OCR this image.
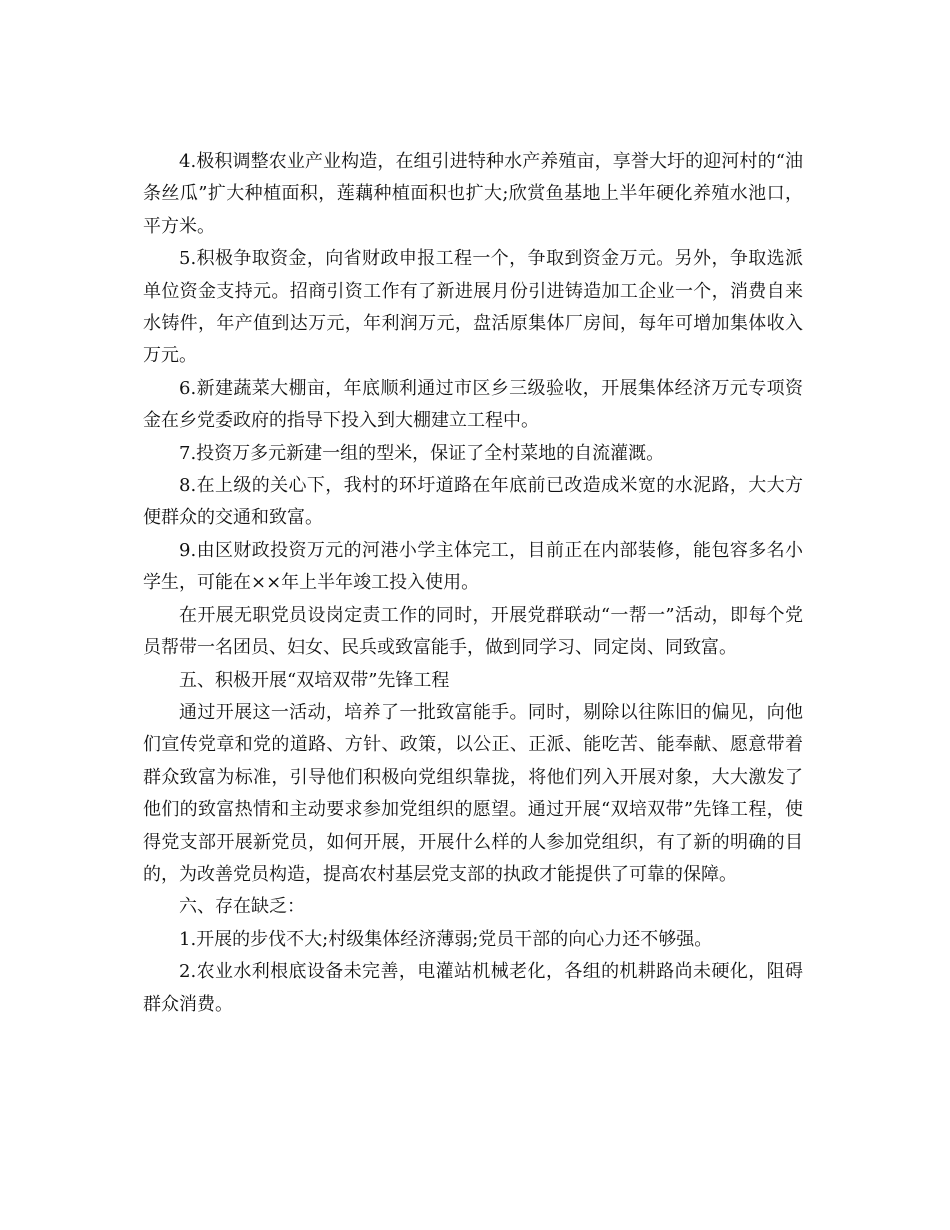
4.极积调整农业产业构造，在组引进特种水产养殖亩，享誉大圩的迎河村的“油条丝瓜”扩大种植面积，莲藕种植面积也扩大;欣赏鱼基地上半年硬化养殖水池口，平方米。

5.积极争取资金，向省财政申报工程一个，争取到资金万元。另外，争取选派单位资金支持元。招商引资工作有了新进展月份引进铸造加工企业一个，消费自来水铸件，年产值到达万元，年利润万元，盘活原集体厂房间，每年可增加集体收入万元。

6.新建蔬菜大棚亩，年底顺利通过市区乡三级验收，开展集体经济万元专项资金在乡党委政府的指导下投入到大棚建立工程中。

7.投资万多元新建一组的型米，保证了全村菜地的自流灌溉。

8.在上级的关心下，我村的环圩道路在年底前已改造成米宽的水泥路，大大方便群众的交通和致富。

9.由区财政投资万元的河港小学主体完工，目前正在内部装修，能包容多名小学生，可能在××年上半年竣工投入使用。

在开展无职党员设岗定责工作的同时，开展党群联动“一帮一”活动，即每个党员帮带一名团员、妇女、民兵或致富能手，做到同学习、同定岗、同致富。

五、积极开展“双培双带”先锋工程

通过开展这一活动，培养了一批致富能手。同时，剔除以往陈旧的偏见，向他们宣传党章和党的道路、方针、政策，以公正、正派、能吃苦、能奉献、愿意带着群众致富为标准，引导他们积极向党组织靠拢，将他们列入开展对象，大大激发了他们的致富热情和主动要求参加党组织的愿望。通过开展“双培双带”先锋工程，使得党支部开展新党员，如何开展，开展什么样的人参加党组织，有了新的明确的目的，为改善党员构造，提高农村基层党支部的执政才能提供了可靠的保障。

六、存在缺乏：

1.开展的步伐不大;村级集体经济薄弱;党员干部的向心力还不够强。

2.农业水利根底设备未完善，电灌站机械老化，各组的机耕路尚未硬化，阻碍群众消费。
